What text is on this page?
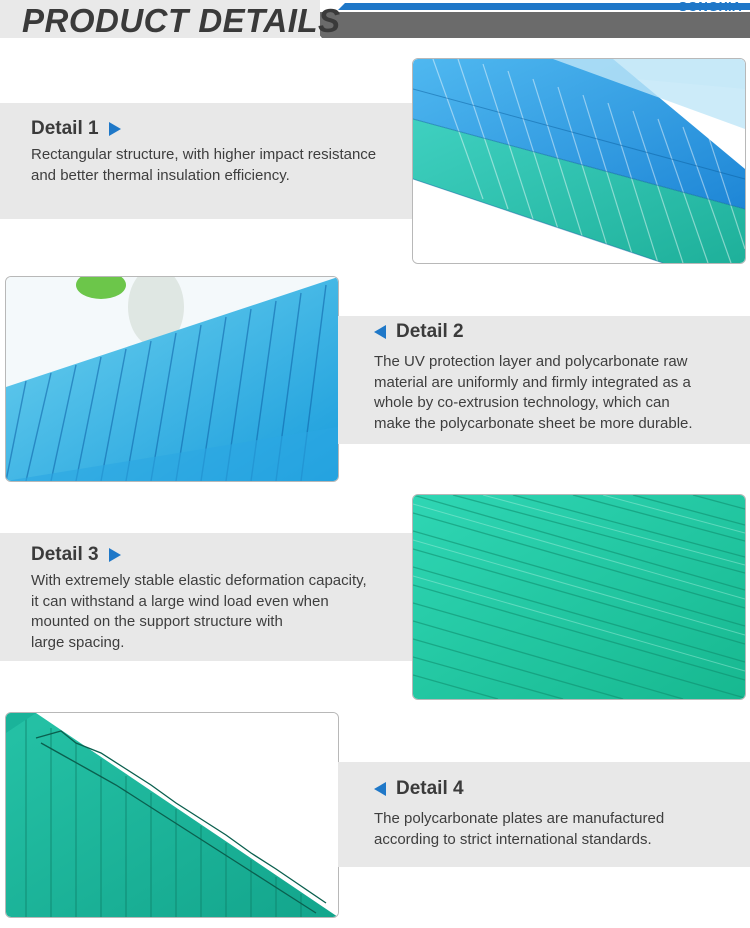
PRODUCT DETAILS	SONGXIA
Detail 1

Rectangular structure, with higher impact resistance

and better thermal insulation efficiency.

Detail 2

The UV protection layer and polycarbonate raw

material are uniformly and firmly integrated as a

whole by co-extrusion technology, which can

make the polycarbonate sheet be more durable.

Detail 3

With extremely stable elastic deformation capacity,

it can withstand a large wind load even when

mounted on the support structure with

large spacing.

Detail 4

The polycarbonate plates are manufactured

according to strict international standards.
